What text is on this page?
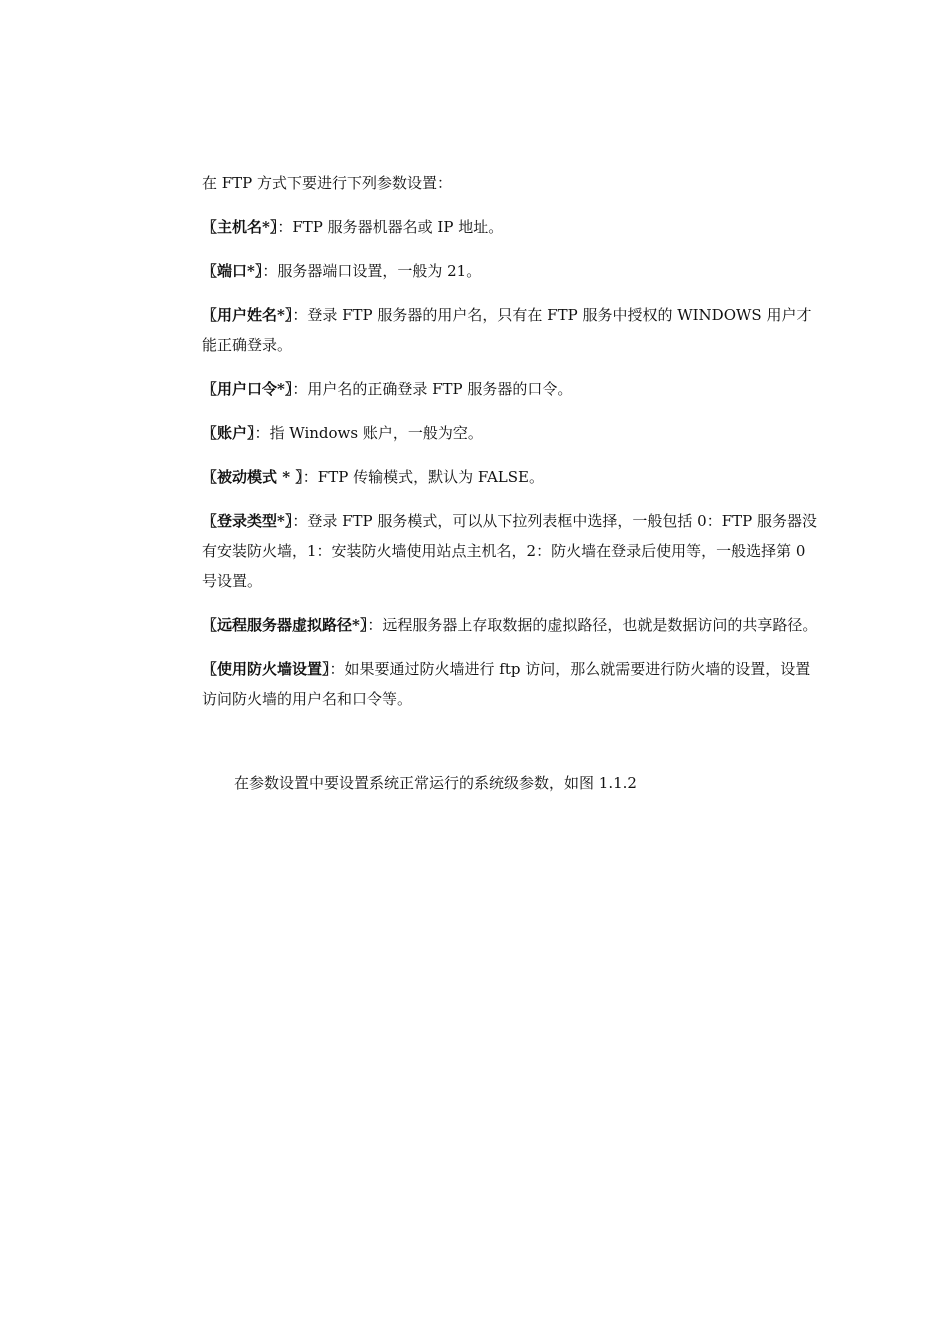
在 FTP 方式下要进行下列参数设置：

〖主机名*〗：FTP 服务器机器名或 IP 地址。

〖端口*〗：服务器端口设置，一般为 21。

〖用户姓名*〗：登录 FTP 服务器的用户名，只有在 FTP 服务中授权的 WINDOWS 用户才能正确登录。

〖用户口令*〗：用户名的正确登录 FTP 服务器的口令。

〖账户〗：指 Windows 账户，一般为空。

〖被动模式 * 〗：FTP 传输模式，默认为 FALSE。

〖登录类型*〗：登录 FTP 服务模式，可以从下拉列表框中选择，一般包括 0：FTP 服务器没有安装防火墙，1：安装防火墙使用站点主机名，2：防火墙在登录后使用等，一般选择第 0 号设置。

〖远程服务器虚拟路径*〗：远程服务器上存取数据的虚拟路径，也就是数据访问的共享路径。

〖使用防火墙设置〗：如果要通过防火墙进行 ftp 访问，那么就需要进行防火墙的设置，设置访问防火墙的用户名和口令等。

在参数设置中要设置系统正常运行的系统级参数，如图 1.1.2
